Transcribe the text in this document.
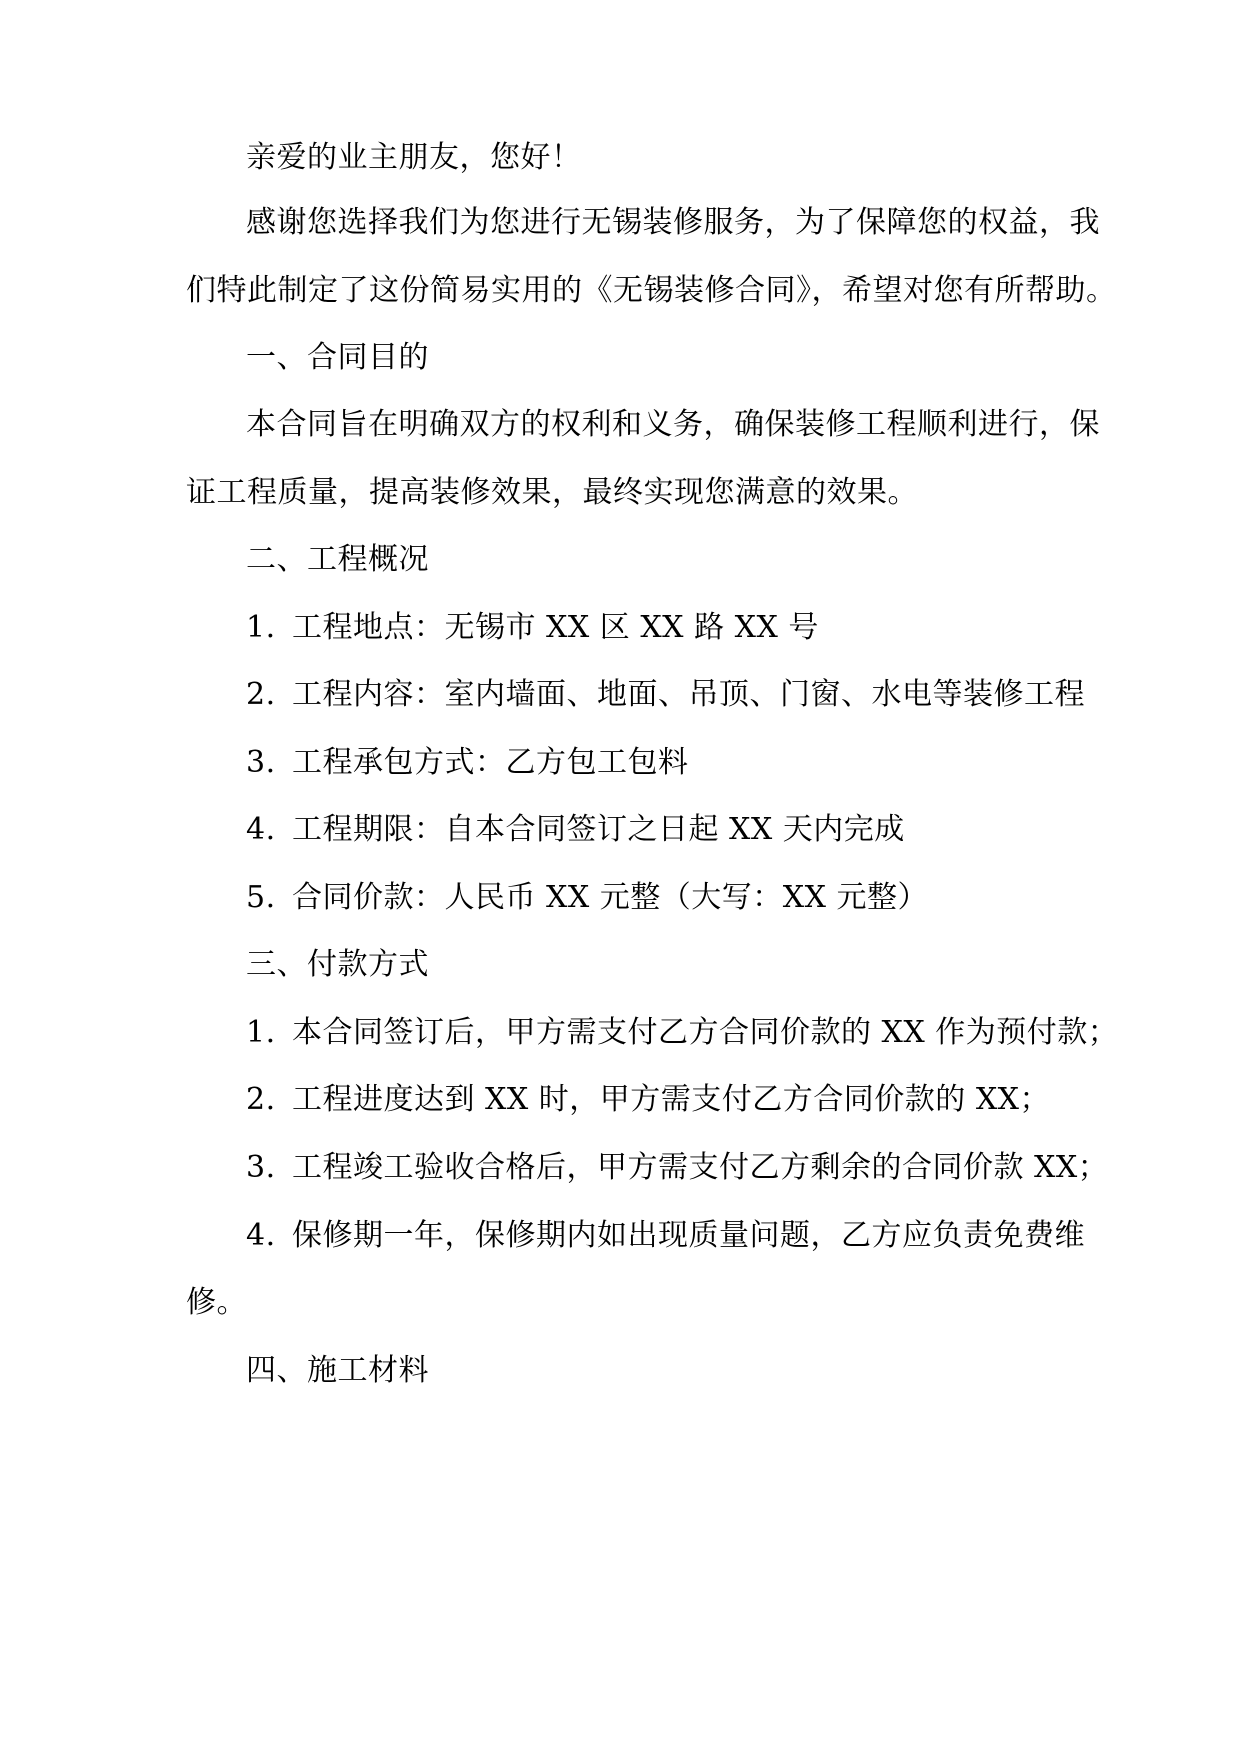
亲爱的业主朋友，您好！
感谢您选择我们为您进行无锡装修服务，为了保障您的权益，我
们特此制定了这份简易实用的《无锡装修合同》，希望对您有所帮助。
一、合同目的
本合同旨在明确双方的权利和义务，确保装修工程顺利进行，保
证工程质量，提高装修效果，最终实现您满意的效果。
二、工程概况
1. 工程地点：无锡市 XX 区 XX 路 XX 号
2. 工程内容：室内墙面、地面、吊顶、门窗、水电等装修工程
3. 工程承包方式：乙方包工包料
4. 工程期限：自本合同签订之日起 XX 天内完成
5. 合同价款：人民币 XX 元整（大写：XX 元整）
三、付款方式
1. 本合同签订后，甲方需支付乙方合同价款的 XX 作为预付款；
2. 工程进度达到 XX 时，甲方需支付乙方合同价款的 XX；
3. 工程竣工验收合格后，甲方需支付乙方剩余的合同价款 XX；
4. 保修期一年，保修期内如出现质量问题，乙方应负责免费维
修。
四、施工材料
